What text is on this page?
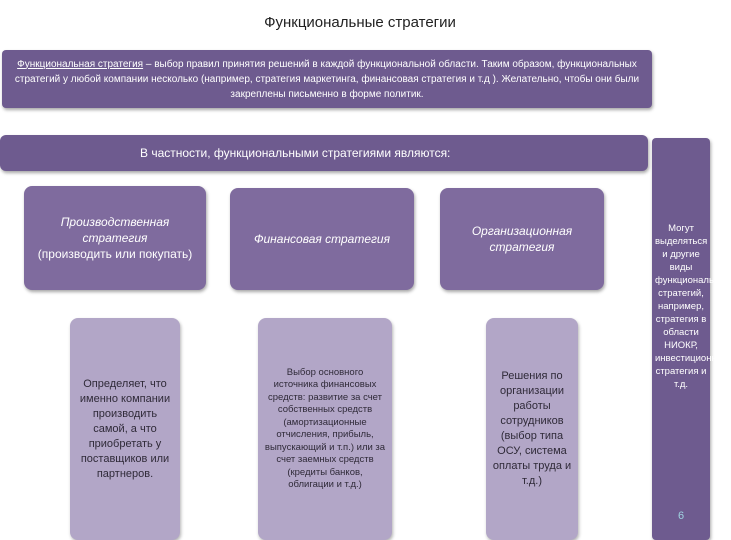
Функциональные стратегии
Функциональная стратегия – выбор правил принятия решений в каждой функциональной области. Таким образом, функциональных стратегий у любой компании несколько (например, стратегия маркетинга, финансовая стратегия и т.д ). Желательно, чтобы они были закреплены письменно в форме политик.
В частности, функциональными стратегиями являются:
Производственная стратегия
(производить или покупать)
Финансовая стратегия
Организационная стратегия
Определяет, что именно компании производить самой, а что приобретать у поставщиков или партнеров.
Выбор основного источника финансовых средств: развитие за счет собственных средств (амортизационные отчисления, прибыль, выпускающий и т.п.) или за счет заемных средств (кредиты банков, облигации и т.д.)
Решения по организации работы сотрудников (выбор типа ОСУ, система оплаты труда и т.д.)
Могут выделяться и другие виды функциональных стратегий, например, стратегия в области НИОКР, инвестиционная стратегия и т.д.
6
